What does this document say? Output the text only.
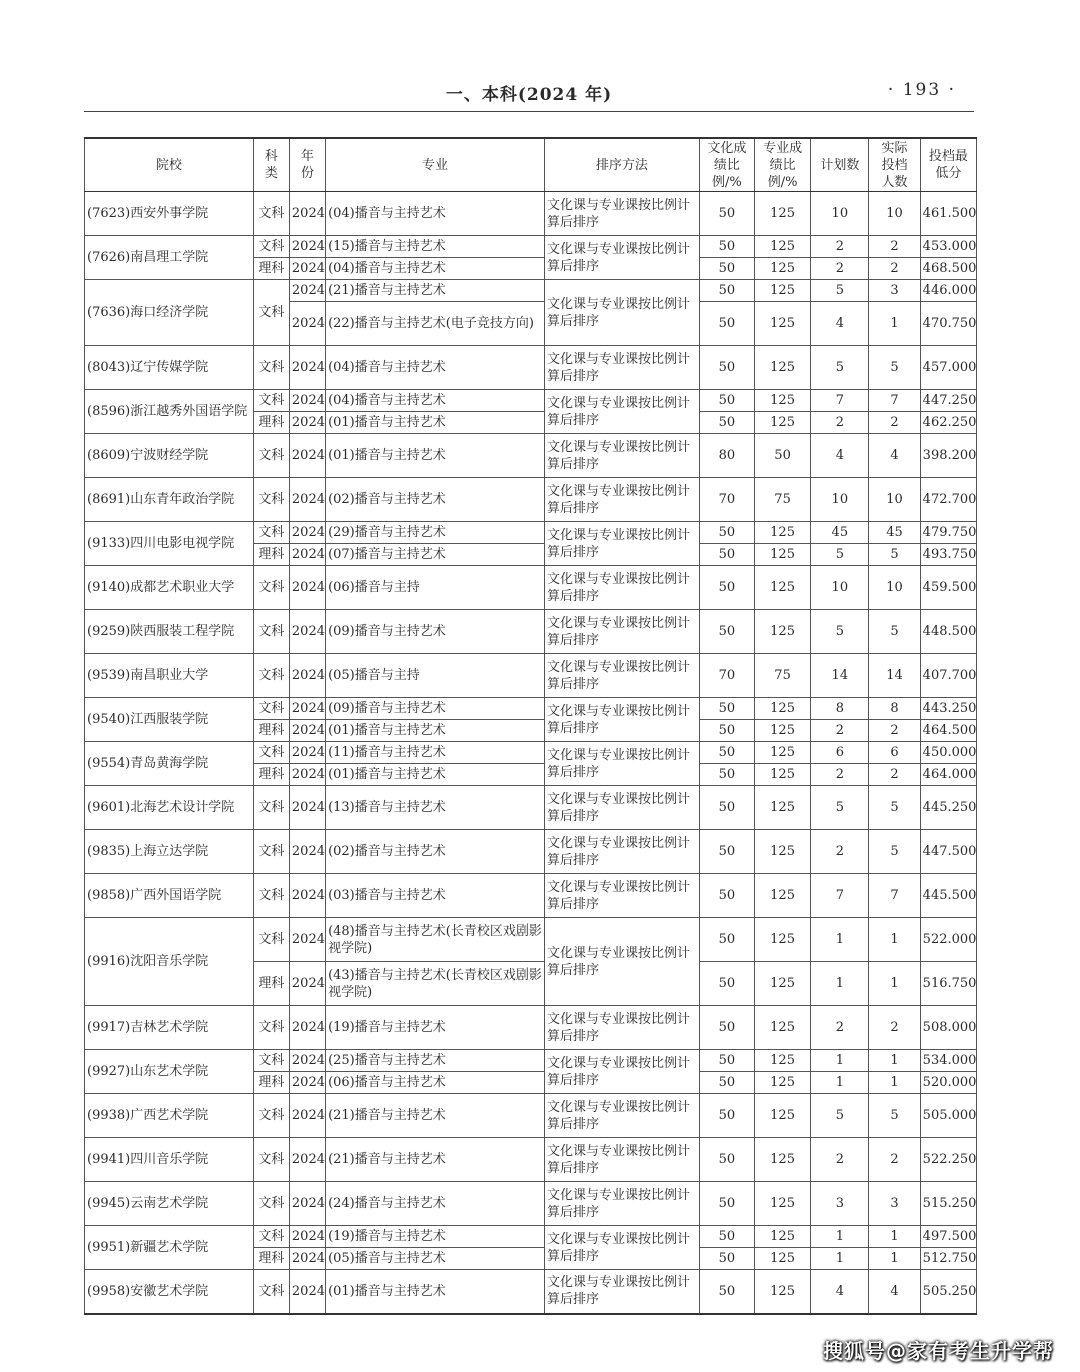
一、本科(2024 年)	· 193 ·
院校	科类	年份	专业	排序方法	文化成绩比例/%	专业成绩比例/%	计划数	实际投档人数	投档最低分
(7623)西安外事学院	文科	2024	(04)播音与主持艺术	文化课与专业课按比例计算后排序	50	125	10	10	461.500
(7626)南昌理工学院	文科	2024	(15)播音与主持艺术	文化课与专业课按比例计算后排序	50	125	2	2	453.000
	理科	2024	(04)播音与主持艺术		50	125	2	2	468.500
(7636)海口经济学院	文科	2024	(21)播音与主持艺术	文化课与专业课按比例计算后排序	50	125	5	3	446.000
		2024	(22)播音与主持艺术(电子竞技方向)		50	125	4	1	470.750
(8043)辽宁传媒学院	文科	2024	(04)播音与主持艺术	文化课与专业课按比例计算后排序	50	125	5	5	457.000
(8596)浙江越秀外国语学院	文科	2024	(04)播音与主持艺术	文化课与专业课按比例计算后排序	50	125	7	7	447.250
	理科	2024	(01)播音与主持艺术		50	125	2	2	462.250
(8609)宁波财经学院	文科	2024	(01)播音与主持艺术	文化课与专业课按比例计算后排序	80	50	4	4	398.200
(8691)山东青年政治学院	文科	2024	(02)播音与主持艺术	文化课与专业课按比例计算后排序	70	75	10	10	472.700
(9133)四川电影电视学院	文科	2024	(29)播音与主持艺术	文化课与专业课按比例计算后排序	50	125	45	45	479.750
	理科	2024	(07)播音与主持艺术		50	125	5	5	493.750
(9140)成都艺术职业大学	文科	2024	(06)播音与主持	文化课与专业课按比例计算后排序	50	125	10	10	459.500
(9259)陕西服装工程学院	文科	2024	(09)播音与主持艺术	文化课与专业课按比例计算后排序	50	125	5	5	448.500
(9539)南昌职业大学	文科	2024	(05)播音与主持	文化课与专业课按比例计算后排序	70	75	14	14	407.700
(9540)江西服装学院	文科	2024	(09)播音与主持艺术	文化课与专业课按比例计算后排序	50	125	8	8	443.250
	理科	2024	(01)播音与主持艺术		50	125	2	2	464.500
(9554)青岛黄海学院	文科	2024	(11)播音与主持艺术	文化课与专业课按比例计算后排序	50	125	6	6	450.000
	理科	2024	(01)播音与主持艺术		50	125	2	2	464.000
(9601)北海艺术设计学院	文科	2024	(13)播音与主持艺术	文化课与专业课按比例计算后排序	50	125	5	5	445.250
(9835)上海立达学院	文科	2024	(02)播音与主持艺术	文化课与专业课按比例计算后排序	50	125	2	5	447.500
(9858)广西外国语学院	文科	2024	(03)播音与主持艺术	文化课与专业课按比例计算后排序	50	125	7	7	445.500
(9916)沈阳音乐学院	文科	2024	(48)播音与主持艺术(长青校区戏剧影视学院)	文化课与专业课按比例计算后排序	50	125	1	1	522.000
	理科	2024	(43)播音与主持艺术(长青校区戏剧影视学院)		50	125	1	1	516.750
(9917)吉林艺术学院	文科	2024	(19)播音与主持艺术	文化课与专业课按比例计算后排序	50	125	2	2	508.000
(9927)山东艺术学院	文科	2024	(25)播音与主持艺术	文化课与专业课按比例计算后排序	50	125	1	1	534.000
	理科	2024	(06)播音与主持艺术		50	125	1	1	520.000
(9938)广西艺术学院	文科	2024	(21)播音与主持艺术	文化课与专业课按比例计算后排序	50	125	5	5	505.000
(9941)四川音乐学院	文科	2024	(21)播音与主持艺术	文化课与专业课按比例计算后排序	50	125	2	2	522.250
(9945)云南艺术学院	文科	2024	(24)播音与主持艺术	文化课与专业课按比例计算后排序	50	125	3	3	515.250
(9951)新疆艺术学院	文科	2024	(19)播音与主持艺术	文化课与专业课按比例计算后排序	50	125	1	1	497.500
	理科	2024	(05)播音与主持艺术		50	125	1	1	512.750
(9958)安徽艺术学院	文科	2024	(01)播音与主持艺术	文化课与专业课按比例计算后排序	50	125	4	4	505.250
搜狐号@家有考生升学帮
